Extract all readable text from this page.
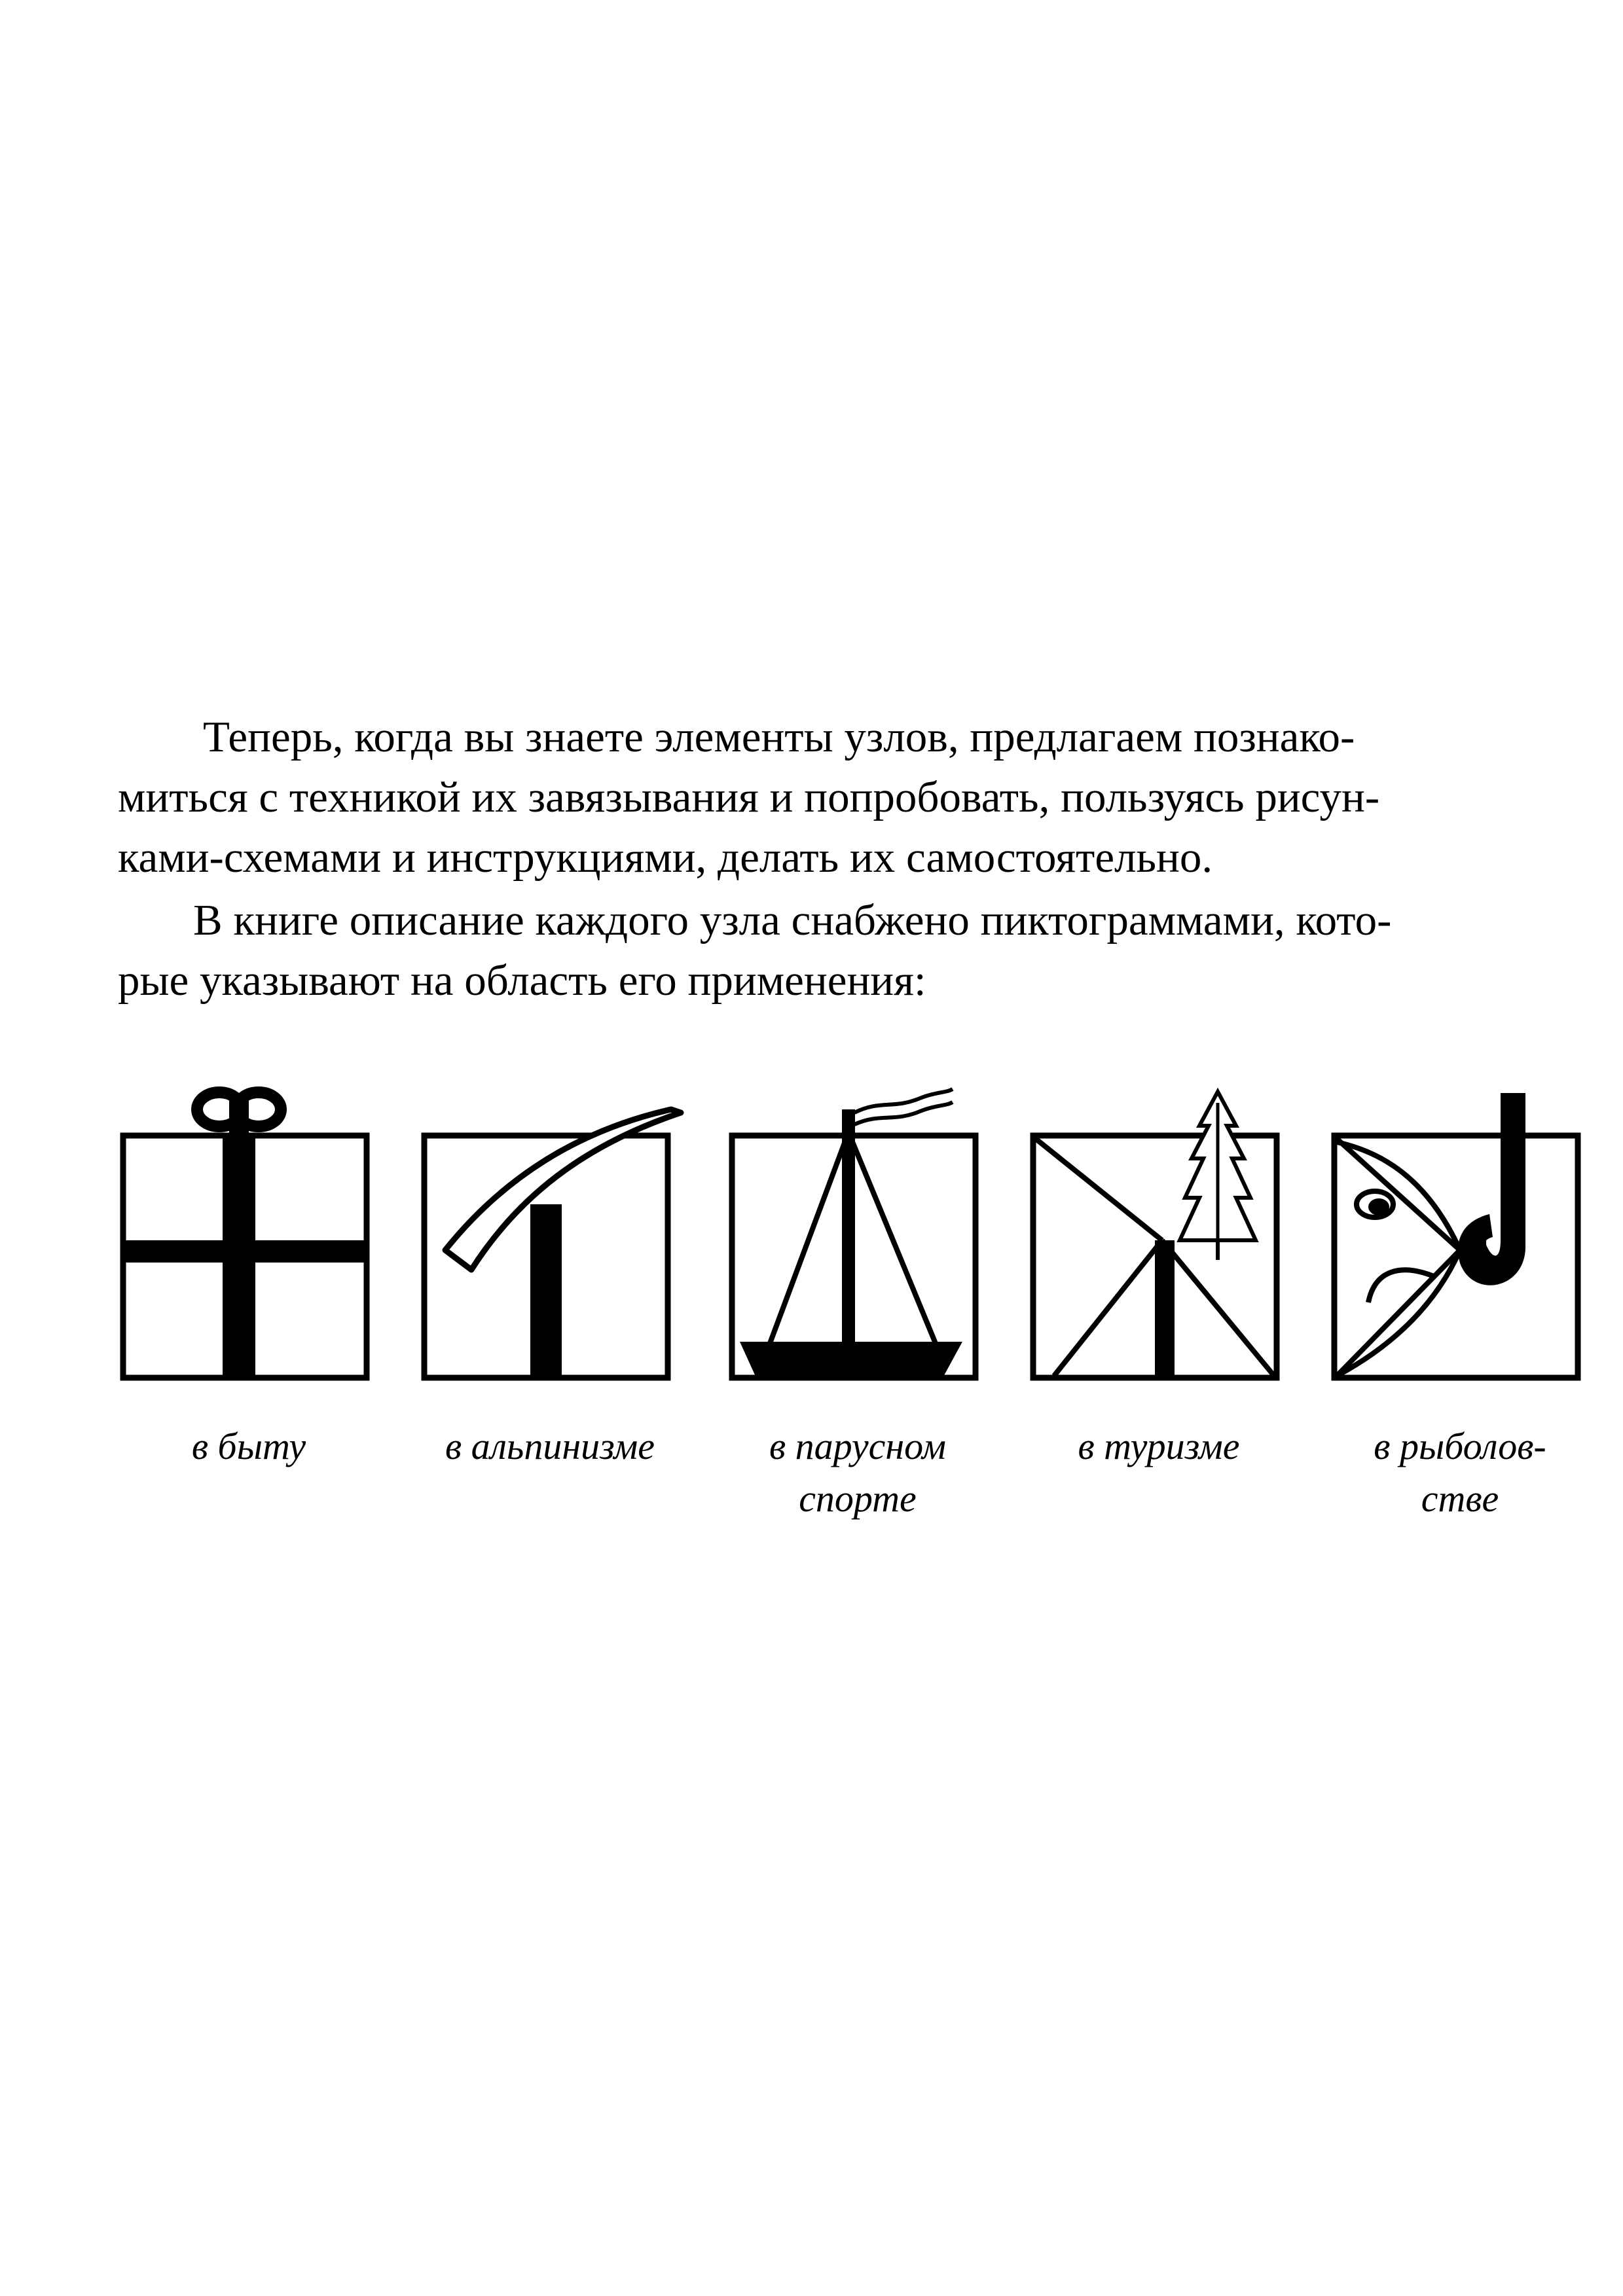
Теперь, когда вы знаете элементы узлов, предлагаем познако-

миться с техникой их завязывания и попробовать, пользуясь рисун-

ками-схемами и инструкциями, делать их самостоятельно.

В книге описание каждого узла снабжено пиктограммами, кото-

рые указывают на область его применения:

в быту	в альпинизме	в парусном
спорте
в туризме	в рыболов-
стве
